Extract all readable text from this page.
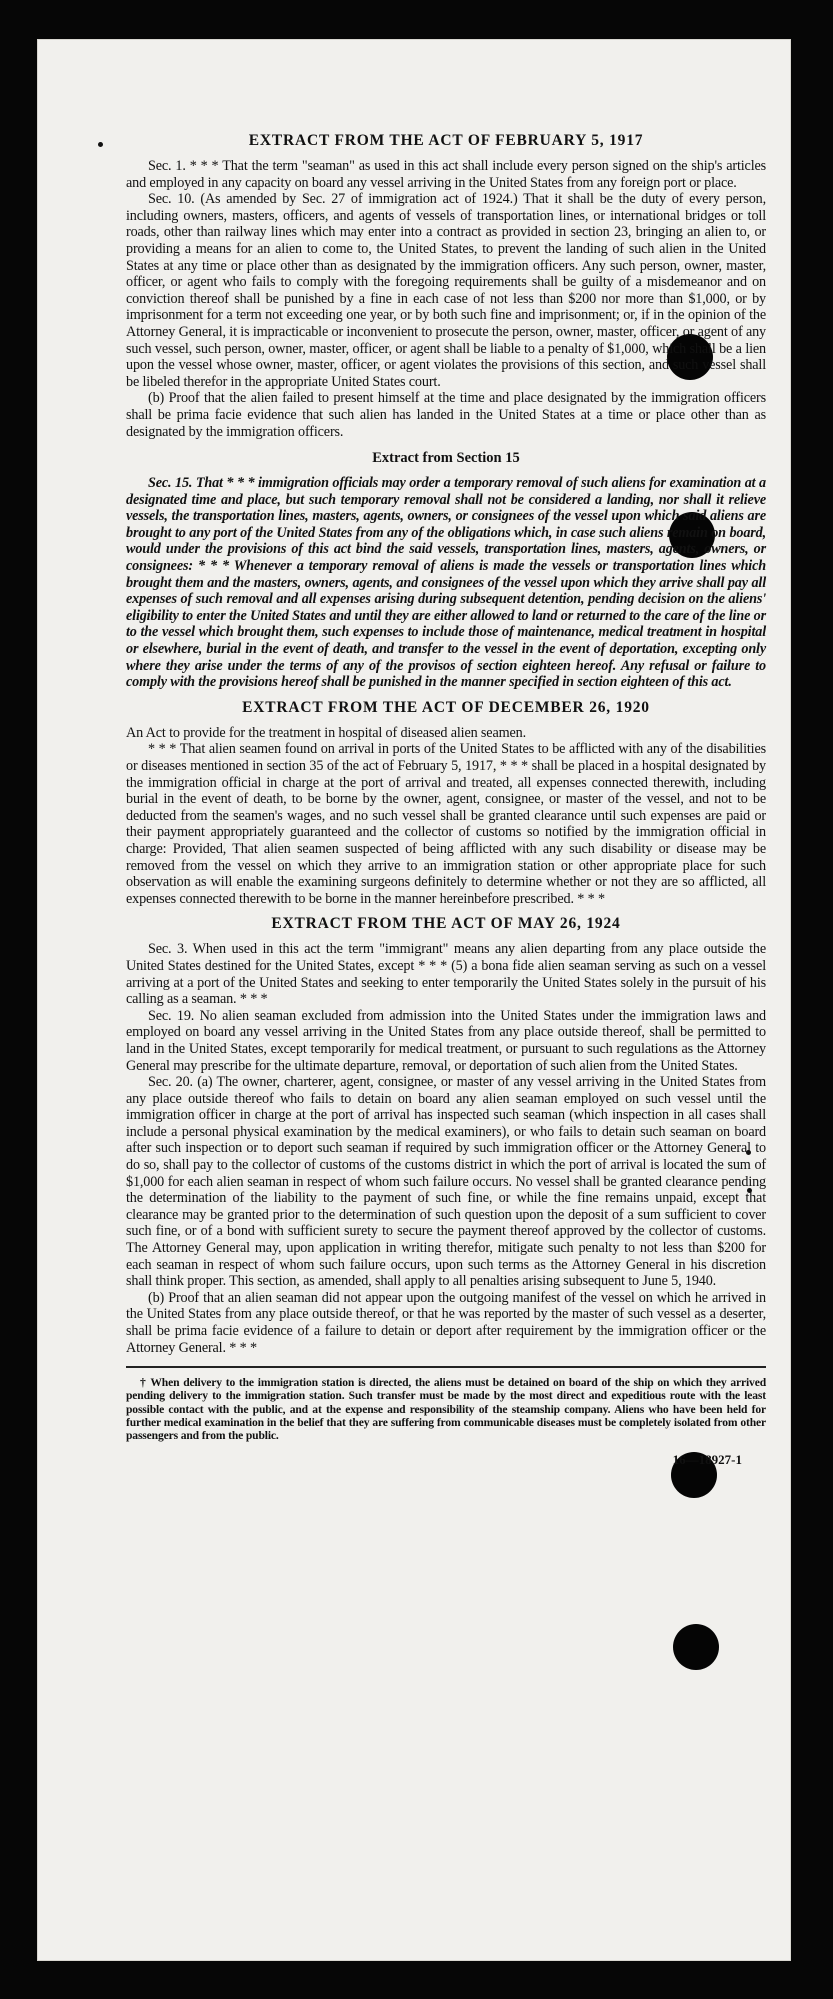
EXTRACT FROM THE ACT OF FEBRUARY 5, 1917

Sec. 1. * * * That the term "seaman" as used in this act shall include every person signed on the ship's articles and employed in any capacity on board any vessel arriving in the United States from any foreign port or place.

Sec. 10. (As amended by Sec. 27 of immigration act of 1924.) That it shall be the duty of every person, including owners, masters, officers, and agents of vessels of transportation lines, or international bridges or toll roads, other than railway lines which may enter into a contract as provided in section 23, bringing an alien to, or providing a means for an alien to come to, the United States, to prevent the landing of such alien in the United States at any time or place other than as designated by the immigration officers. Any such person, owner, master, officer, or agent who fails to comply with the foregoing requirements shall be guilty of a misdemeanor and on conviction thereof shall be punished by a fine in each case of not less than $200 nor more than $1,000, or by imprisonment for a term not exceeding one year, or by both such fine and imprisonment; or, if in the opinion of the Attorney General, it is impracticable or inconvenient to prosecute the person, owner, master, officer, or agent of any such vessel, such person, owner, master, officer, or agent shall be liable to a penalty of $1,000, which shall be a lien upon the vessel whose owner, master, officer, or agent violates the provisions of this section, and such vessel shall be libeled therefor in the appropriate United States court.

(b) Proof that the alien failed to present himself at the time and place designated by the immigration officers shall be prima facie evidence that such alien has landed in the United States at a time or place other than as designated by the immigration officers.

Extract from Section 15

Sec. 15. That * * * immigration officials may order a temporary removal of such aliens for examination at a designated time and place, but such temporary removal shall not be considered a landing, nor shall it relieve vessels, the transportation lines, masters, agents, owners, or consignees of the vessel upon which said aliens are brought to any port of the United States from any of the obligations which, in case such aliens remain on board, would under the provisions of this act bind the said vessels, transportation lines, masters, agents, owners, or consignees: * * * Whenever a temporary removal of aliens is made the vessels or transportation lines which brought them and the masters, owners, agents, and consignees of the vessel upon which they arrive shall pay all expenses of such removal and all expenses arising during subsequent detention, pending decision on the aliens' eligibility to enter the United States and until they are either allowed to land or returned to the care of the line or to the vessel which brought them, such expenses to include those of maintenance, medical treatment in hospital or elsewhere, burial in the event of death, and transfer to the vessel in the event of deportation, excepting only where they arise under the terms of any of the provisos of section eighteen hereof. Any refusal or failure to comply with the provisions hereof shall be punished in the manner specified in section eighteen of this act.

EXTRACT FROM THE ACT OF DECEMBER 26, 1920

An Act to provide for the treatment in hospital of diseased alien seamen.

* * * That alien seamen found on arrival in ports of the United States to be afflicted with any of the disabilities or diseases mentioned in section 35 of the act of February 5, 1917, * * * shall be placed in a hospital designated by the immigration official in charge at the port of arrival and treated, all expenses connected therewith, including burial in the event of death, to be borne by the owner, agent, consignee, or master of the vessel, and not to be deducted from the seamen's wages, and no such vessel shall be granted clearance until such expenses are paid or their payment appropriately guaranteed and the collector of customs so notified by the immigration official in charge: Provided, That alien seamen suspected of being afflicted with any such disability or disease may be removed from the vessel on which they arrive to an immigration station or other appropriate place for such observation as will enable the examining surgeons definitely to determine whether or not they are so afflicted, all expenses connected therewith to be borne in the manner hereinbefore prescribed. * * *

EXTRACT FROM THE ACT OF MAY 26, 1924

Sec. 3. When used in this act the term "immigrant" means any alien departing from any place outside the United States destined for the United States, except * * * (5) a bona fide alien seaman serving as such on a vessel arriving at a port of the United States and seeking to enter temporarily the United States solely in the pursuit of his calling as a seaman. * * *

Sec. 19. No alien seaman excluded from admission into the United States under the immigration laws and employed on board any vessel arriving in the United States from any place outside thereof, shall be permitted to land in the United States, except temporarily for medical treatment, or pursuant to such regulations as the Attorney General may prescribe for the ultimate departure, removal, or deportation of such alien from the United States.

Sec. 20. (a) The owner, charterer, agent, consignee, or master of any vessel arriving in the United States from any place outside thereof who fails to detain on board any alien seaman employed on such vessel until the immigration officer in charge at the port of arrival has inspected such seaman (which inspection in all cases shall include a personal physical examination by the medical examiners), or who fails to detain such seaman on board after such inspection or to deport such seaman if required by such immigration officer or the Attorney General to do so, shall pay to the collector of customs of the customs district in which the port of arrival is located the sum of $1,000 for each alien seaman in respect of whom such failure occurs. No vessel shall be granted clearance pending the determination of the liability to the payment of such fine, or while the fine remains unpaid, except that clearance may be granted prior to the determination of such question upon the deposit of a sum sufficient to cover such fine, or of a bond with sufficient surety to secure the payment thereof approved by the collector of customs. The Attorney General may, upon application in writing therefor, mitigate such penalty to not less than $200 for each seaman in respect of whom such failure occurs, upon such terms as the Attorney General in his discretion shall think proper. This section, as amended, shall apply to all penalties arising subsequent to June 5, 1940.

(b) Proof that an alien seaman did not appear upon the outgoing manifest of the vessel on which he arrived in the United States from any place outside thereof, or that he was reported by the master of such vessel as a deserter, shall be prima facie evidence of a failure to detain or deport after requirement by the immigration officer or the Attorney General. * * *

† When delivery to the immigration station is directed, the aliens must be detained on board of the ship on which they arrived pending delivery to the immigration station. Such transfer must be made by the most direct and expeditious route with the least possible contact with the public, and at the expense and responsibility of the steamship company. Aliens who have been held for further medical examination in the belief that they are suffering from communicable diseases must be completely isolated from other passengers and from the public.

16—18927-1
